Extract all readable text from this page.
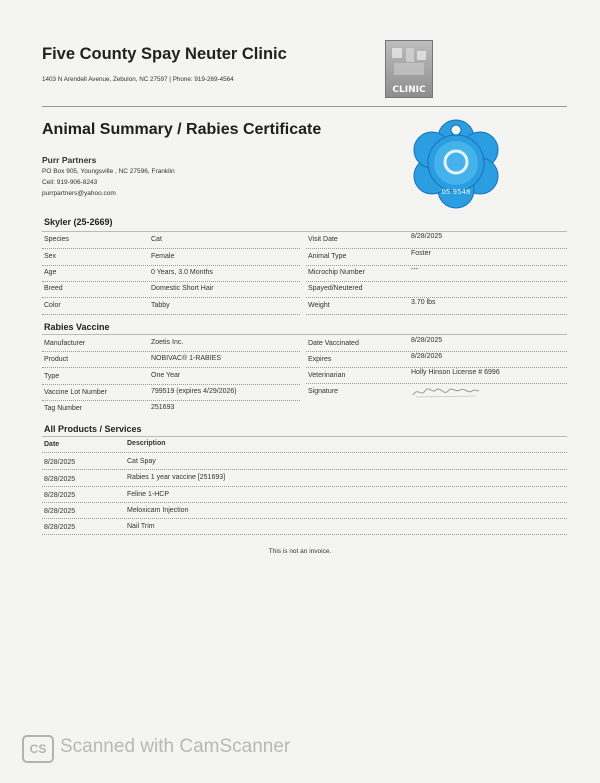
Five County Spay Neuter Clinic
1403 N Arendell Avenue, Zebulon, NC 27597 | Phone: 919-269-4564
CLINIC
Animal Summary / Rabies Certificate
Purr Partners
PO Box 905, Youngsville , NC 27596, Franklin
Cell: 919-906-8243
purrpartners@yahoo.com	05 9548
Skyler (25-2669)
Species	Cat
Sex	Female
Age	0 Years, 3.0 Months
Breed	Domestic Short Hair
Color	Tabby
Visit Date	8/28/2025
Animal Type	Foster
Microchip Number	---
Spayed/Neutered
Weight	3.70 lbs
Rabies Vaccine
Manufacturer	Zoetis Inc.
Product	NOBIVAC® 1-RABIES
Type	One Year
Vaccine Lot Number	799519 (expires 4/29/2026)
Tag Number	251693
Date Vaccinated	8/28/2025
Expires	8/28/2026
Veterinarian	Holly Hinson License # 6996
Signature
All Products / Services
Date	Description
8/28/2025	Cat Spay
8/28/2025	Rabies 1 year vaccine [251693]
8/28/2025	Feline 1-HCP
8/28/2025	Meloxicam Injection
8/28/2025	Nail Trim
This is not an invoice.
CS Scanned with CamScanner
